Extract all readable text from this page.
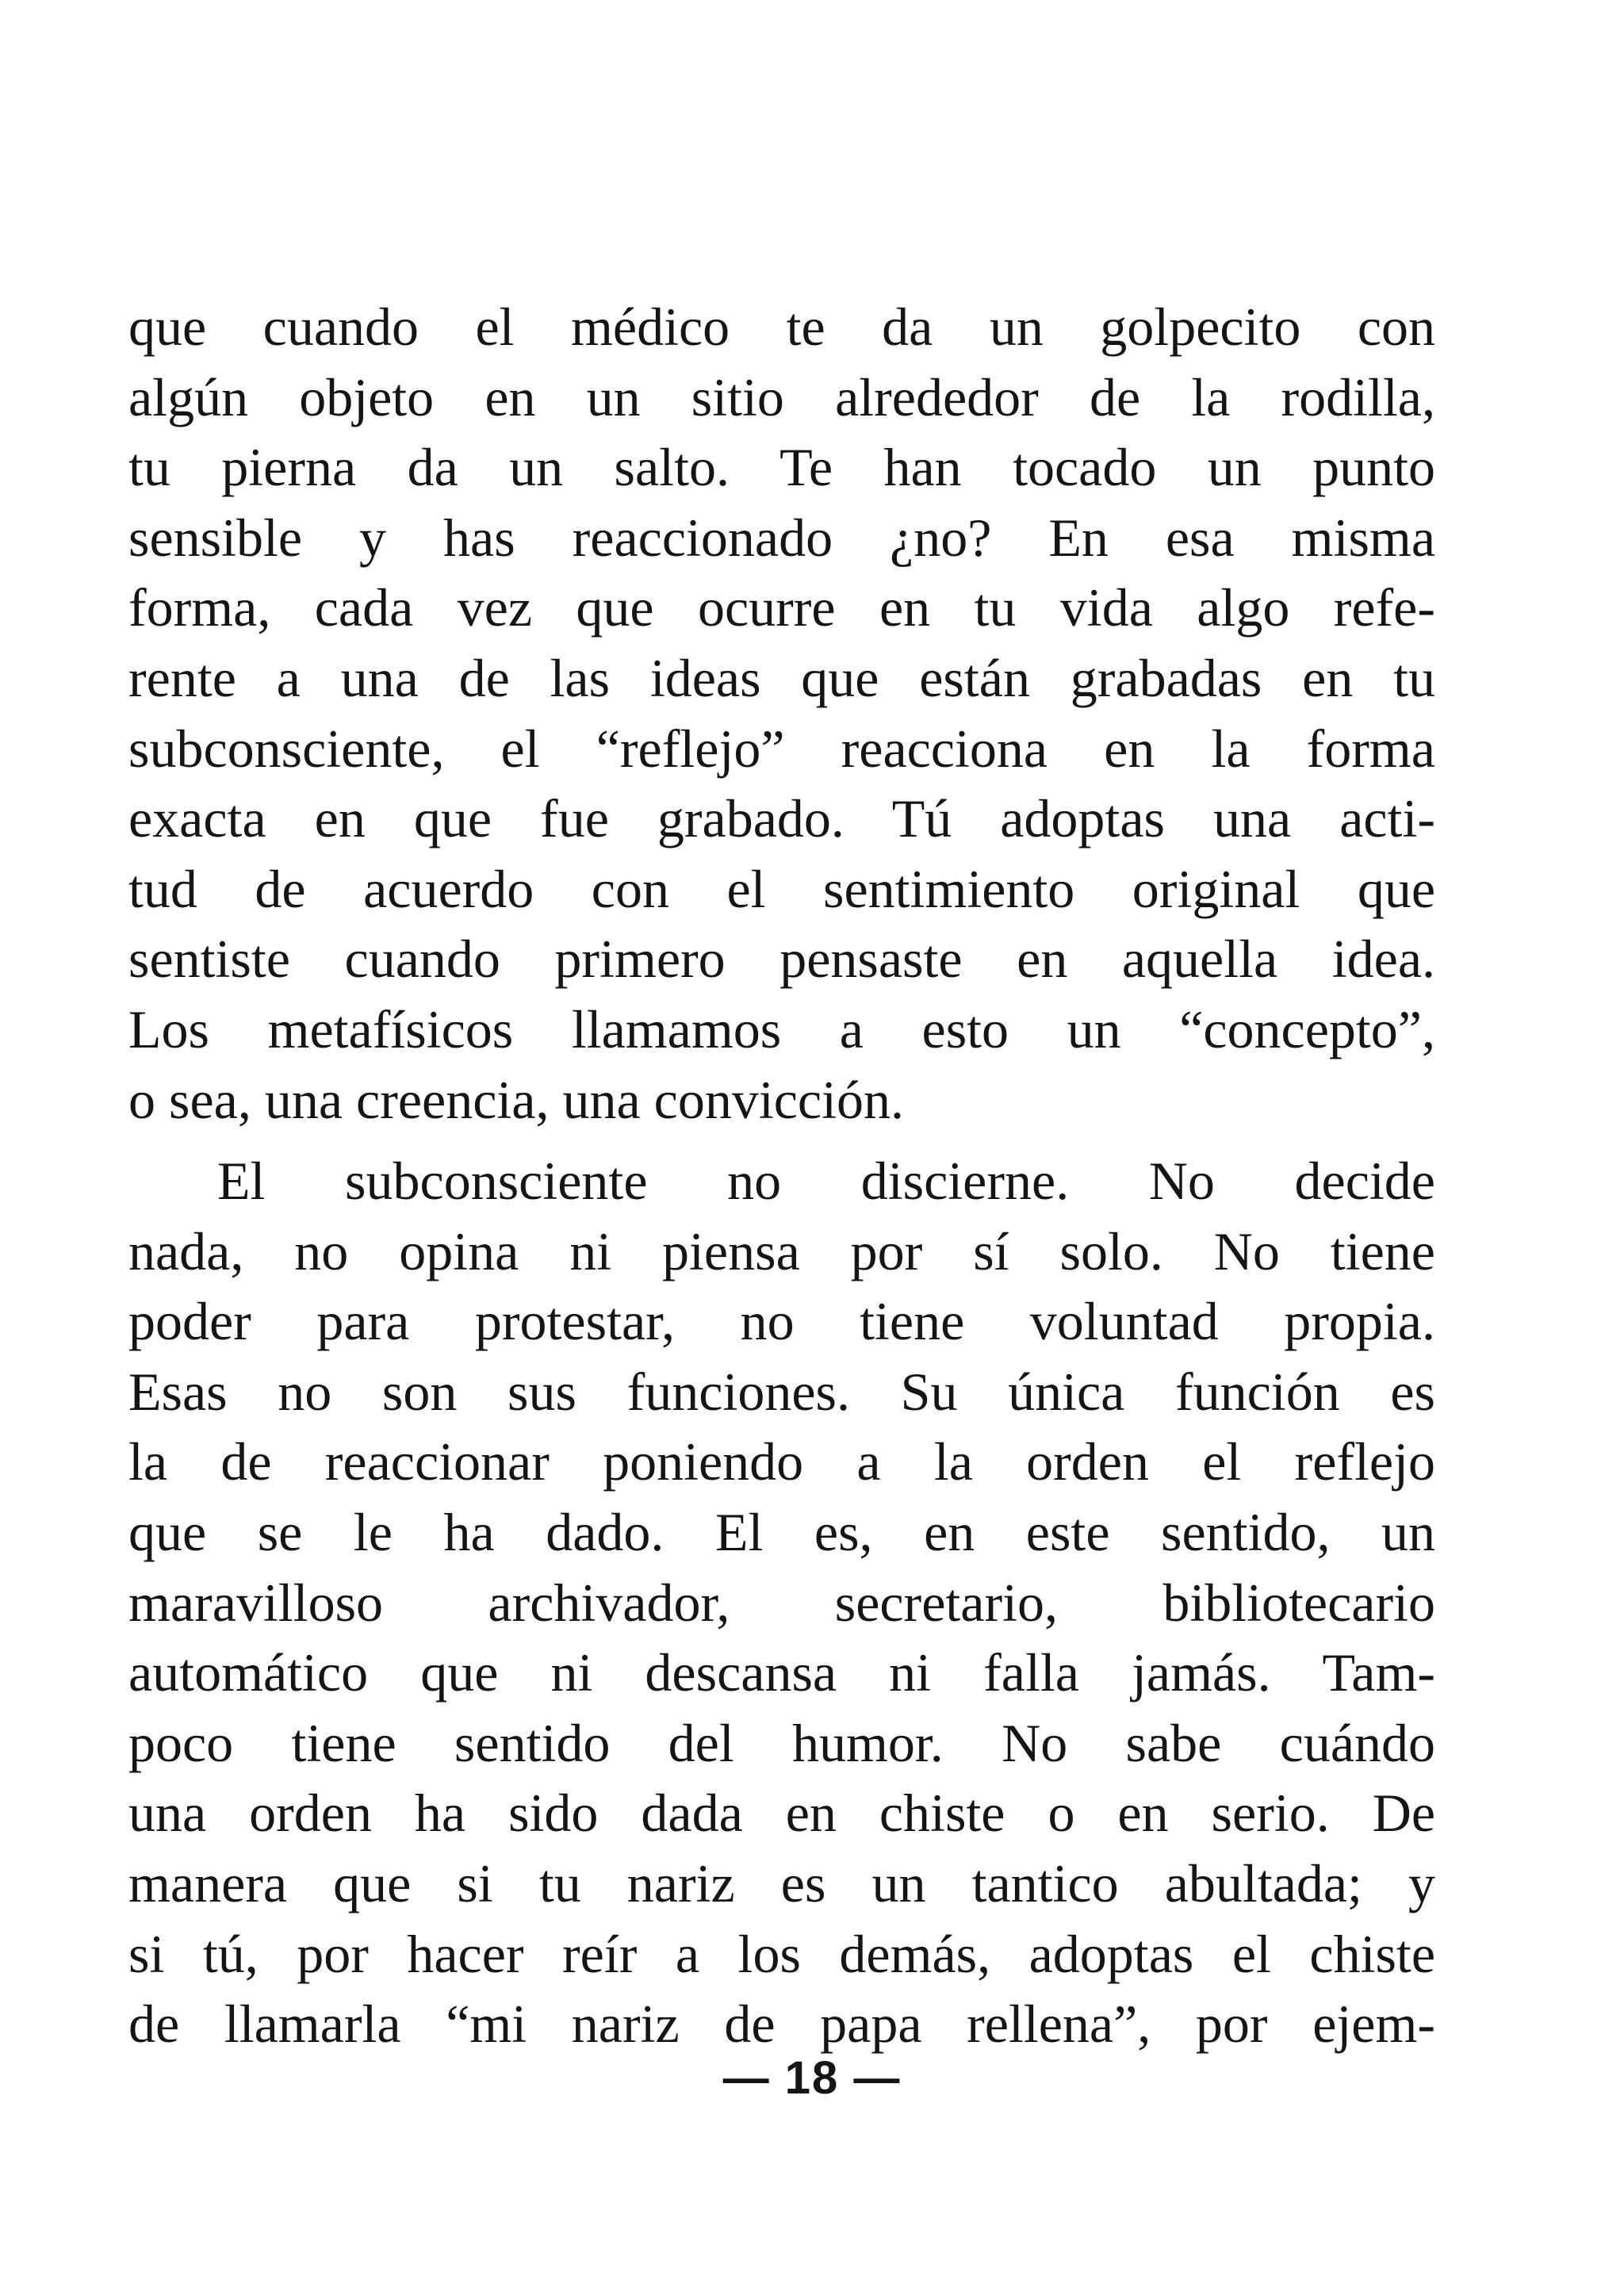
que cuando el médico te da un golpecito con
algún objeto en un sitio alrededor de la rodilla,
tu pierna da un salto. Te han tocado un punto
sensible y has reaccionado ¿no? En esa misma
forma, cada vez que ocurre en tu vida algo refe-
rente a una de las ideas que están grabadas en tu
subconsciente, el “reflejo” reacciona en la forma
exacta en que fue grabado. Tú adoptas una acti-
tud de acuerdo con el sentimiento original que
sentiste cuando primero pensaste en aquella idea.
Los metafísicos llamamos a esto un “concepto”,
o sea, una creencia, una convicción.
El subconsciente no discierne. No decide
nada, no opina ni piensa por sí solo. No tiene
poder para protestar, no tiene voluntad propia.
Esas no son sus funciones. Su única función es
la de reaccionar poniendo a la orden el reflejo
que se le ha dado. El es, en este sentido, un
maravilloso archivador, secretario, bibliotecario
automático que ni descansa ni falla jamás. Tam-
poco tiene sentido del humor. No sabe cuándo
una orden ha sido dada en chiste o en serio. De
manera que si tu nariz es un tantico abultada; y
si tú, por hacer reír a los demás, adoptas el chiste
de llamarla “mi nariz de papa rellena”, por ejem-
— 18 —
